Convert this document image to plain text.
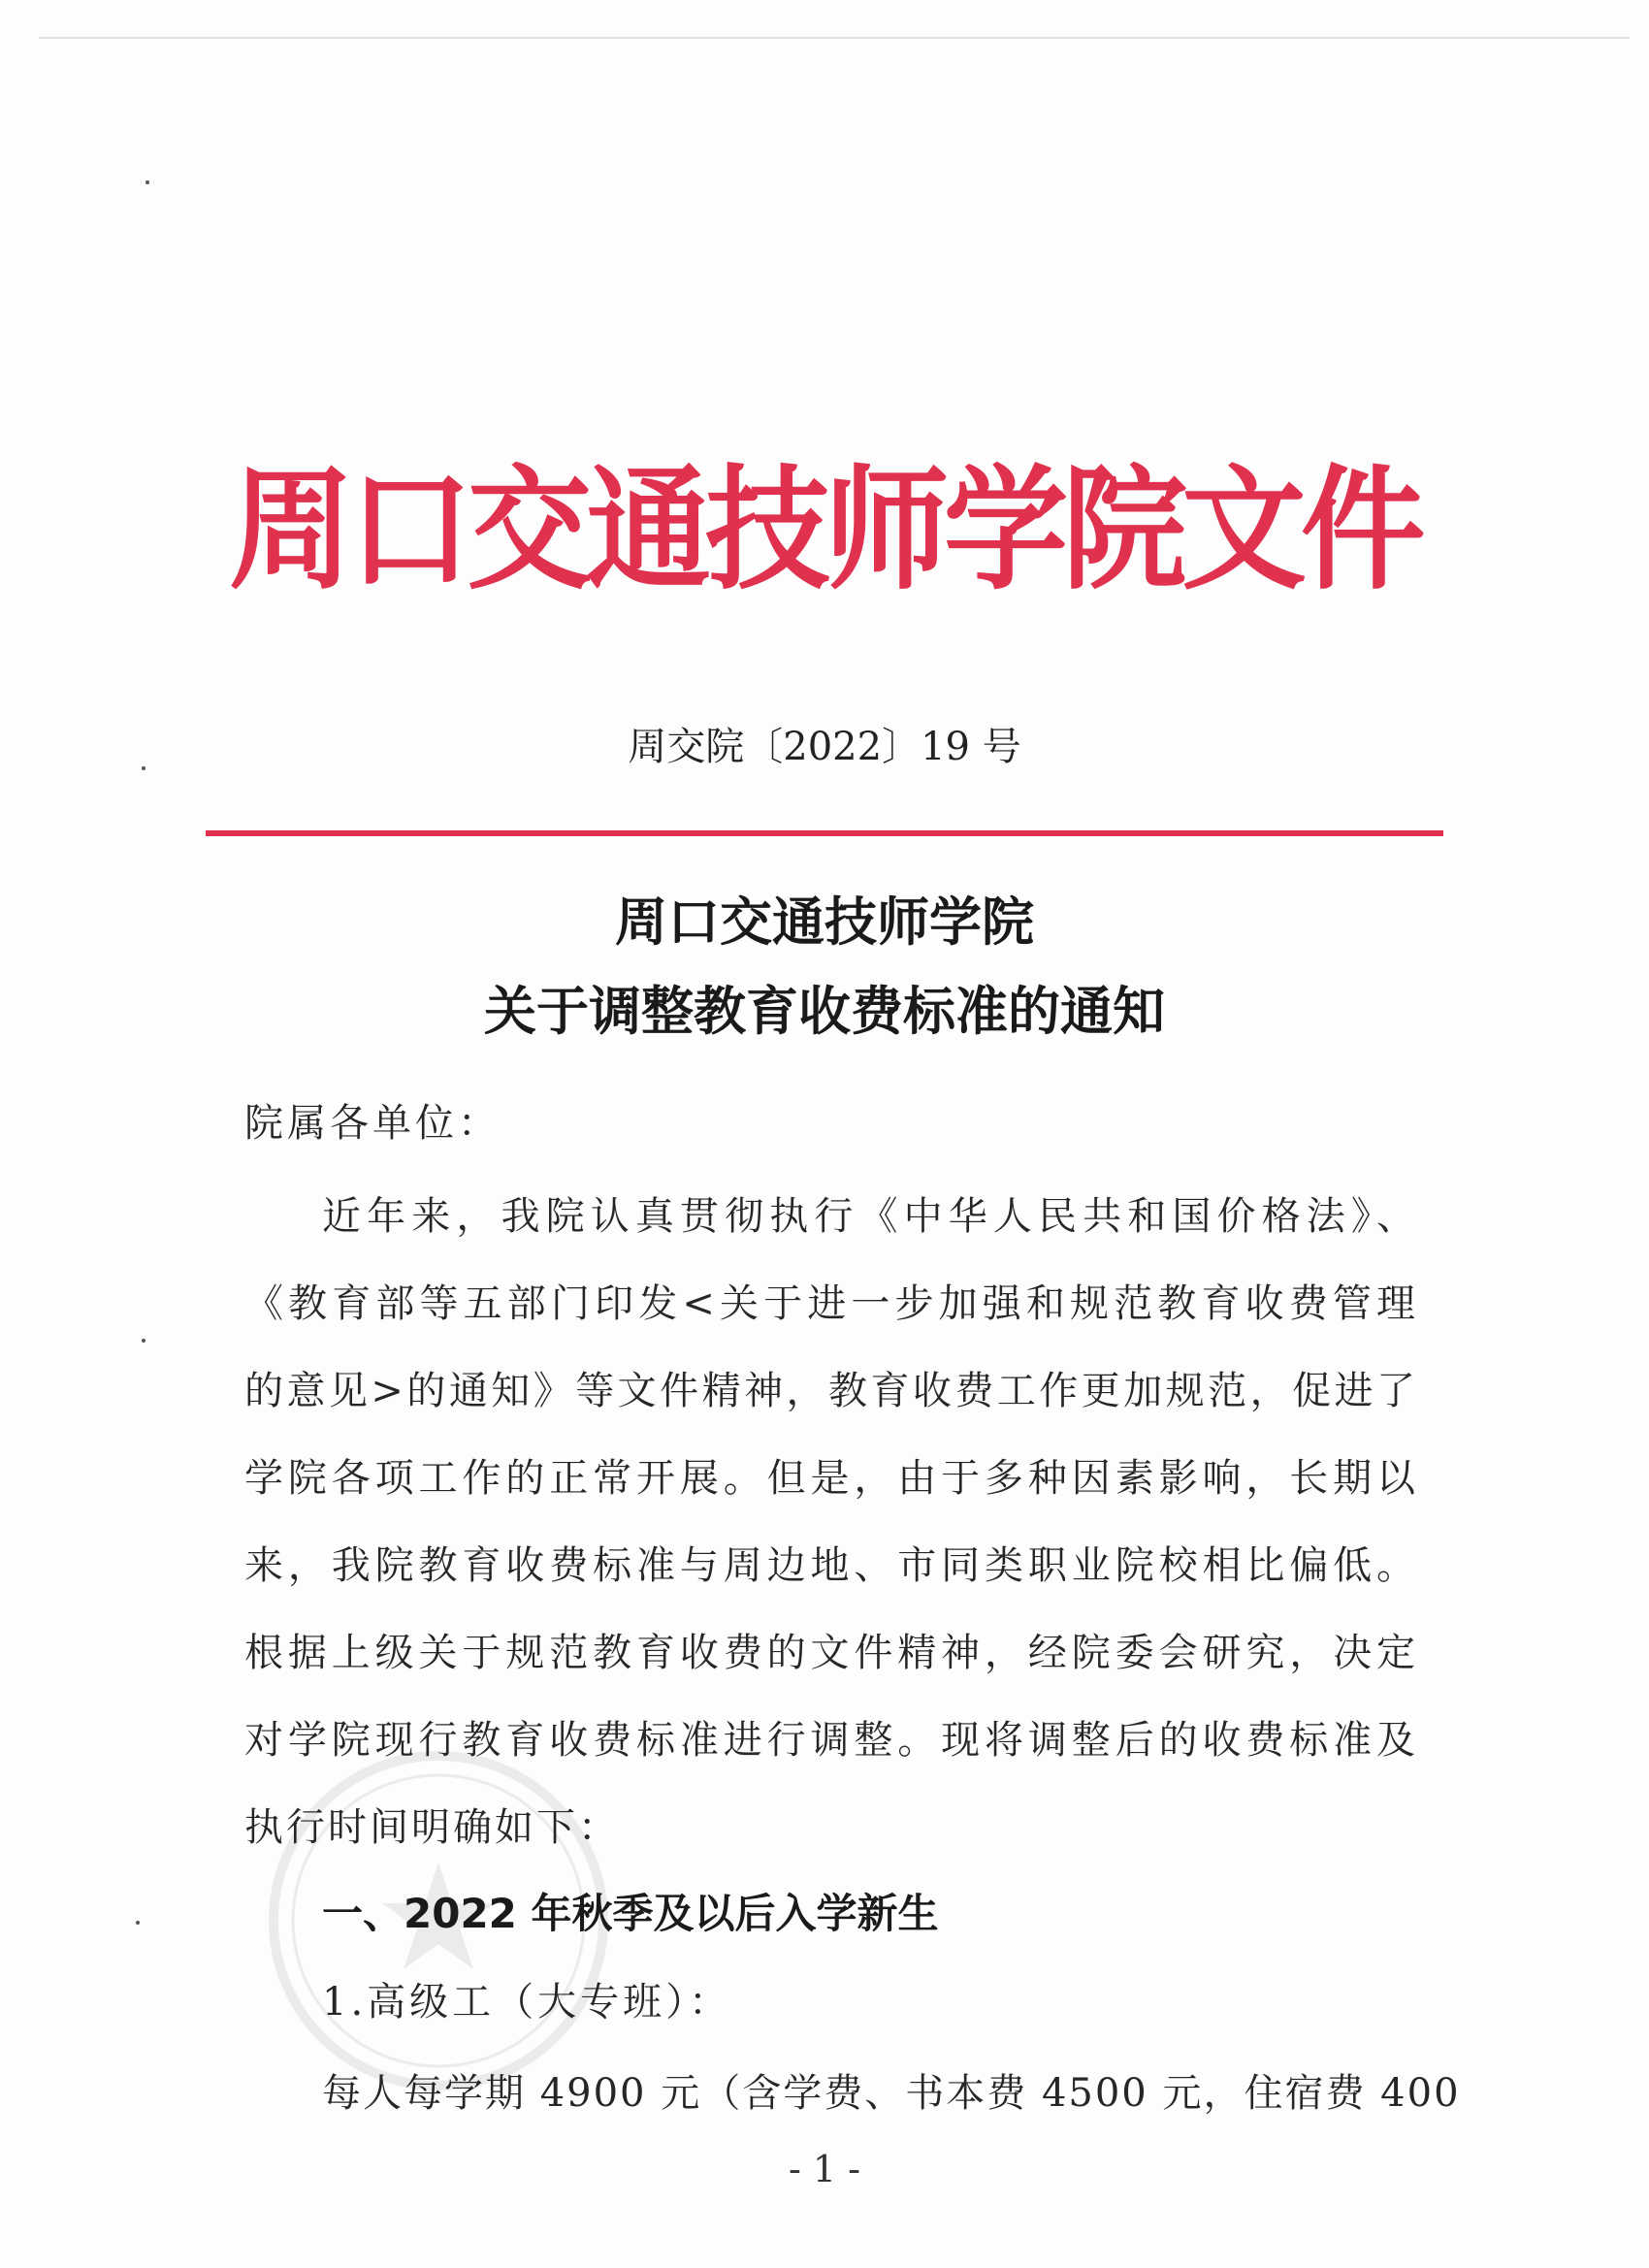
周口交通技师学院文件
周交院〔2022〕19 号
周口交通技师学院
关于调整教育收费标准的通知
院属各单位：
近年来，我院认真贯彻执行《中华人民共和国价格法》、
《教育部等五部门印发<关于进一步加强和规范教育收费管理
的意见>的通知》等文件精神，教育收费工作更加规范，促进了
学院各项工作的正常开展。但是，由于多种因素影响，长期以
来，我院教育收费标准与周边地、市同类职业院校相比偏低。
根据上级关于规范教育收费的文件精神，经院委会研究，决定
对学院现行教育收费标准进行调整。现将调整后的收费标准及
执行时间明确如下：
一、2022 年秋季及以后入学新生
1.高级工（大专班）：
每人每学期 4900 元（含学费、书本费 4500 元，住宿费 400
- 1 -
